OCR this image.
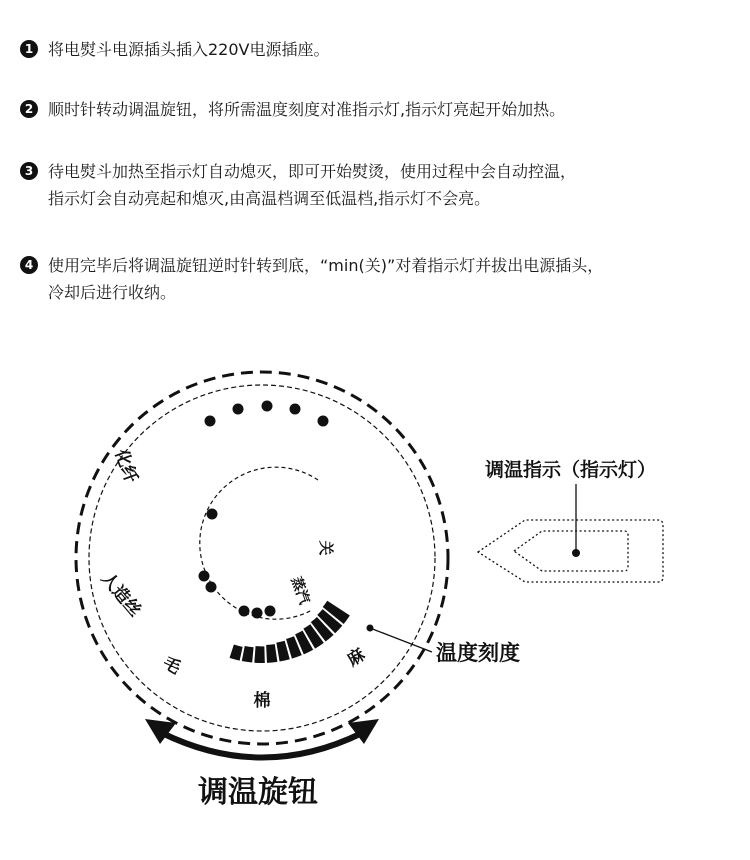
1 将电熨斗电源插头插入220V电源插座。
2 顺时针转动调温旋钮，将所需温度刻度对准指示灯,指示灯亮起开始加热。
3 待电熨斗加热至指示灯自动熄灭，即可开始熨烫，使用过程中会自动控温，
指示灯会自动亮起和熄灭,由高温档调至低温档,指示灯不会亮。
4 使用完毕后将调温旋钮逆时针转到底，“min(关)”对着指示灯并拔出电源插头，
冷却后进行收纳。
化纤
人造丝
毛
棉
麻
关
蒸汽
调温指示（指示灯）
温度刻度
调温旋钮
